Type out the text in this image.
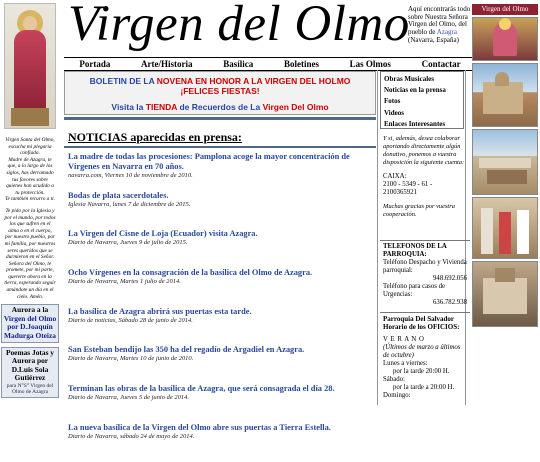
Virgen Santa del Olmo,
escucha mi plegaria
confiada.
Madre de Azagra, te
que, a lo largo de los
siglos, has derramado
tus favores sobre
quienes han acudido a
tu protección.
Te también recurro a ti.
Te pido por la Iglesia y
por el mundo, por todos
los que sufren en el
alma o en el cuerpo,
por nuestro pueblo, por
mi familia, por nuestros
seres queridos que se
durmieron en el Señor.
Señora del Olmo, te
promete, por mi parte,
quererte ahora en la
tierra, esperando seguir
amándote un día en el
cielo. Amén.
Aurora a la
Virgen del Olmo
por D.Joaquín
Madurga Oteiza
Poemas Jotas y
Aurora por
D.Luis Sola
Gutiérrez
para N°S° Virgen del Olmo de Azagra
Virgen del Olmo
Aquí encontrarás todo sobre Nuestra Señora Virgen del Olmo, del pueblo de Azagra (Navarra, España)
Portada	Arte/Historia	Basílica	Boletines	Las Olmos	Contactar
BOLETIN DE LA NOVENA EN HONOR A LA VIRGEN DEL HOLMO
¡FELICES FIESTAS!
Visita la TIENDA de Recuerdos de La Virgen Del Olmo
NOTICIAS aparecidas en prensa:
La madre de todas las procesiones: Pamplona acoge la mayor concentración de Vírgenes en Navarra en 70 años.
navarra.com, Viernes 10 de noviembre de 2010.
Bodas de plata sacerdotales.
Iglesia Navarra, lunes 7 de diciembre de 2015.
La Virgen del Cisne de Loja (Ecuador) visita Azagra.
Diario de Navarra, Jueves 9 de julio de 2015.
Ocho Vírgenes en la consagración de la basílica del Olmo de Azagra.
Diario de Navarra, Martes 1 julio de 2014.
La basílica de Azagra abrirá sus puertas esta tarde.
Diario de noticias, Sábado 28 de junio de 2014.
San Esteban bendijo las 350 ha del regadío de Argadiel en Azagra.
Diario de Navarra, Martes 10 de junio de 2010.
Terminan las obras de la basílica de Azagra, que será consagrada el día 28.
Diario de Navarra, Jueves 5 de junio de 2014.
La nueva basílica de la Virgen del Olmo abre sus puertas a Tierra Estella.
Diario de Navarra, sábado 24 de mayo de 2014.
Obras Musicales
Noticias en la prensa
Fotos
Videos
Enlaces Interesantes
Y si, además, desea colaborar aportando directamente algún donativo, ponemos a vuestra disposición la siguiente cuenta:
CAIXA:
2100 - 5349 - 61 - 2100365921
Muchas gracias por vuestra cooperación.
TELEFONOS DE LA PARROQUIA:
Teléfono Despacho y Vivienda parroquial:
948.692.056
Teléfono para casos de Urgencias:
636.782.938
Parroquia Del Salvador Horario de los OFICIOS:
V E R A N O
(Últimos de marzo a últimos de octubre)
Lunes a viernes:
por la tarde 20:00 H.
Sábado:
por la tarde a 20:00 H.
Domingo:
Virgen del Olmo
